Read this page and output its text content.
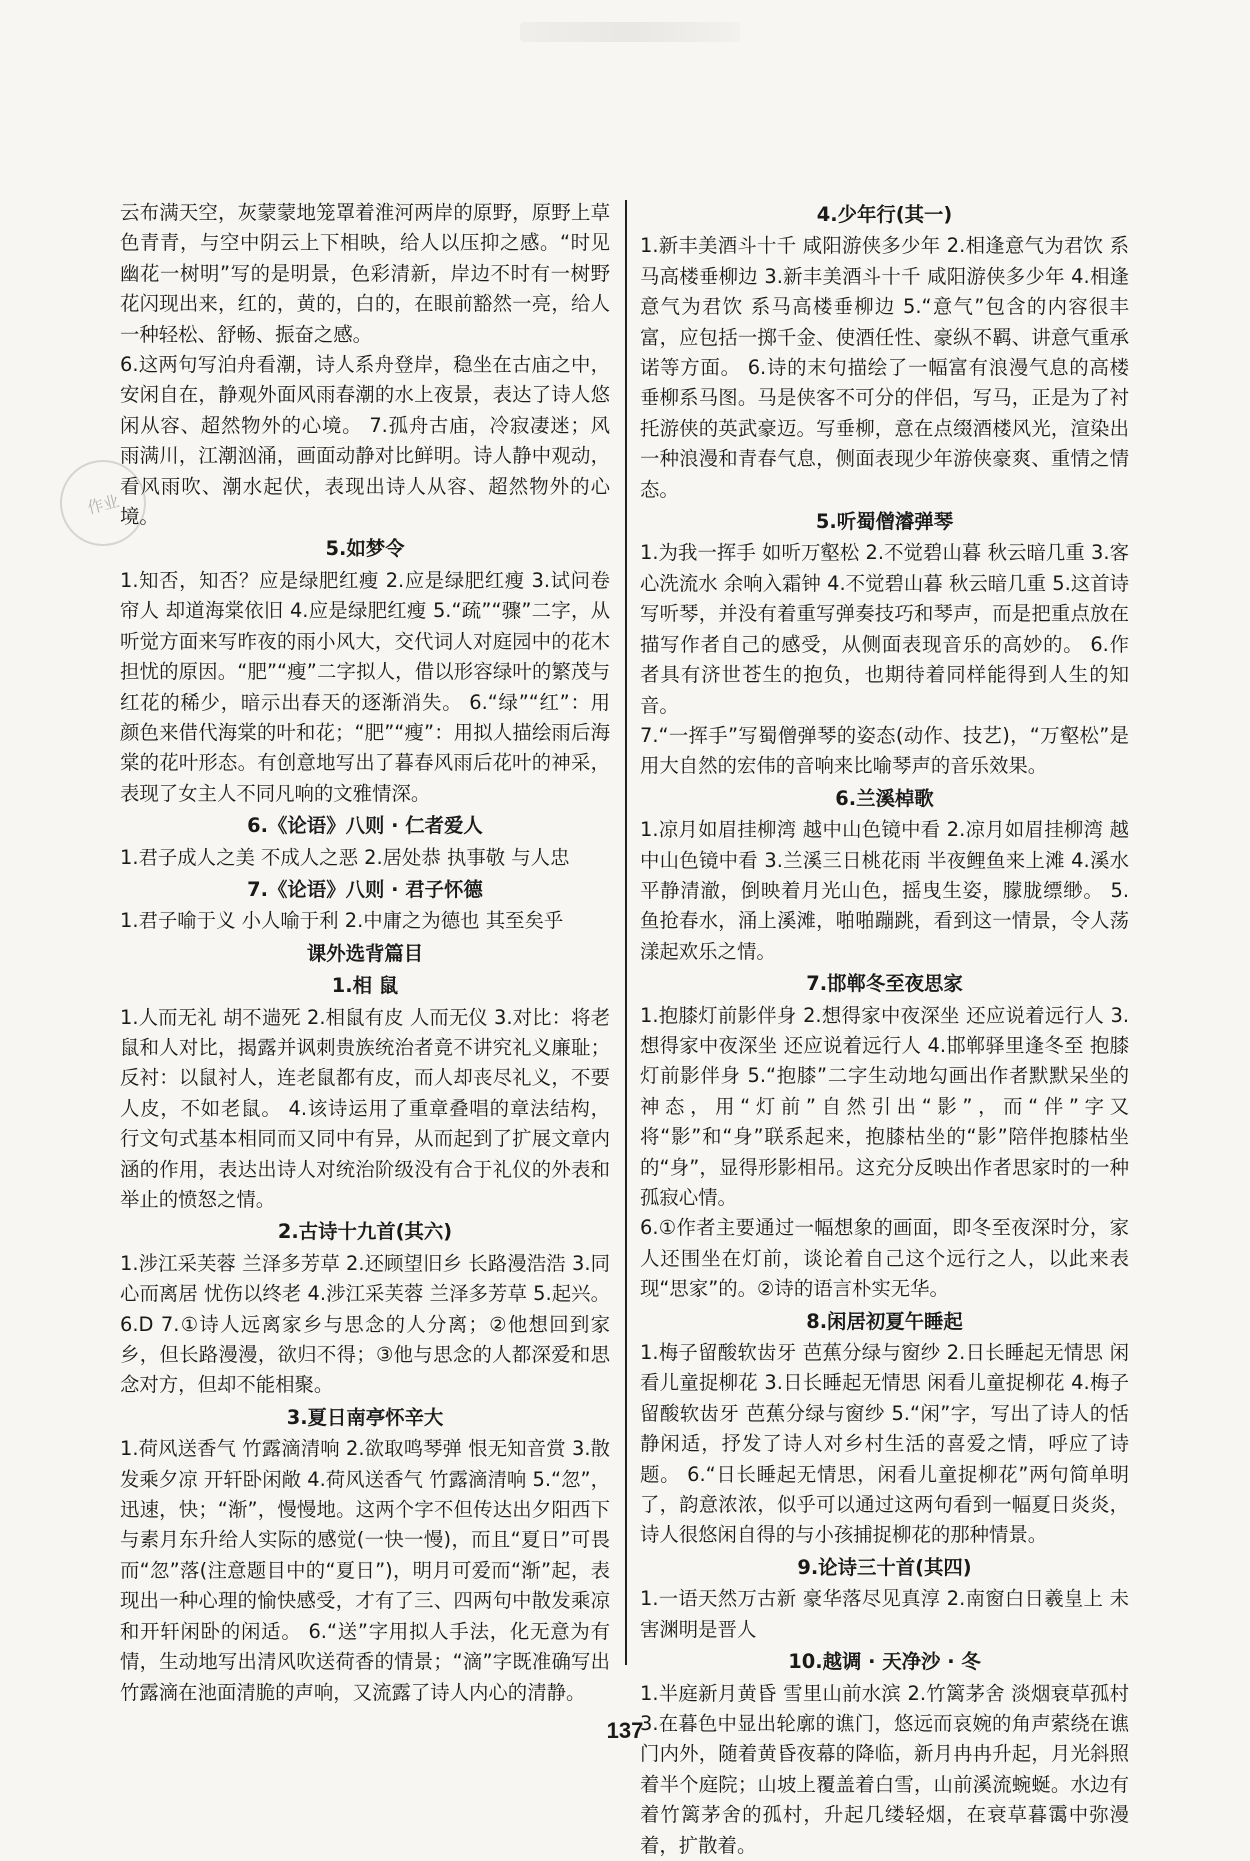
作业
云布满天空，灰蒙蒙地笼罩着淮河两岸的原野，原野上草色青青，与空中阴云上下相映，给人以压抑之感。“时见幽花一树明”写的是明景，色彩清新，岸边不时有一树野花闪现出来，红的，黄的，白的，在眼前豁然一亮，给人一种轻松、舒畅、振奋之感。
6.这两句写泊舟看潮，诗人系舟登岸，稳坐在古庙之中，安闲自在，静观外面风雨春潮的水上夜景，表达了诗人悠闲从容、超然物外的心境。 7.孤舟古庙，冷寂凄迷；风雨满川，江潮汹涌，画面动静对比鲜明。诗人静中观动，看风雨吹、潮水起伏，表现出诗人从容、超然物外的心境。
5.如梦令
1.知否，知否？应是绿肥红瘦 2.应是绿肥红瘦 3.试问卷帘人 却道海棠依旧 4.应是绿肥红瘦 5.“疏”“骤”二字，从听觉方面来写昨夜的雨小风大，交代词人对庭园中的花木担忧的原因。“肥”“瘦”二字拟人，借以形容绿叶的繁茂与红花的稀少，暗示出春天的逐渐消失。 6.“绿”“红”：用颜色来借代海棠的叶和花；“肥”“瘦”：用拟人描绘雨后海棠的花叶形态。有创意地写出了暮春风雨后花叶的神采，表现了女主人不同凡响的文雅情深。
6.《论语》八则 · 仁者爱人
1.君子成人之美 不成人之恶 2.居处恭 执事敬 与人忠
7.《论语》八则 · 君子怀德
1.君子喻于义 小人喻于利 2.中庸之为德也 其至矣乎
课外选背篇目
1.相 鼠
1.人而无礼 胡不遄死 2.相鼠有皮 人而无仪 3.对比：将老鼠和人对比，揭露并讽刺贵族统治者竟不讲究礼义廉耻；反衬：以鼠衬人，连老鼠都有皮，而人却丧尽礼义，不要人皮，不如老鼠。 4.该诗运用了重章叠唱的章法结构，行文句式基本相同而又同中有异，从而起到了扩展文章内涵的作用，表达出诗人对统治阶级没有合于礼仪的外表和举止的愤怒之情。
2.古诗十九首(其六)
1.涉江采芙蓉 兰泽多芳草 2.还顾望旧乡 长路漫浩浩 3.同心而离居 忧伤以终老 4.涉江采芙蓉 兰泽多芳草 5.起兴。 6.D 7.①诗人远离家乡与思念的人分离；②他想回到家乡，但长路漫漫，欲归不得；③他与思念的人都深爱和思念对方，但却不能相聚。
3.夏日南亭怀辛大
1.荷风送香气 竹露滴清响 2.欲取鸣琴弹 恨无知音赏 3.散发乘夕凉 开轩卧闲敞 4.荷风送香气 竹露滴清响 5.“忽”，迅速，快；“渐”，慢慢地。这两个字不但传达出夕阳西下与素月东升给人实际的感觉(一快一慢)，而且“夏日”可畏而“忽”落(注意题目中的“夏日”)，明月可爱而“渐”起，表现出一种心理的愉快感受，才有了三、四两句中散发乘凉和开轩闲卧的闲适。 6.“送”字用拟人手法，化无意为有情，生动地写出清风吹送荷香的情景；“滴”字既准确写出竹露滴在池面清脆的声响，又流露了诗人内心的清静。
4.少年行(其一)
1.新丰美酒斗十千 咸阳游侠多少年 2.相逢意气为君饮 系马高楼垂柳边 3.新丰美酒斗十千 咸阳游侠多少年 4.相逢意气为君饮 系马高楼垂柳边 5.“意气”包含的内容很丰富，应包括一掷千金、使酒任性、豪纵不羁、讲意气重承诺等方面。 6.诗的末句描绘了一幅富有浪漫气息的高楼垂柳系马图。马是侠客不可分的伴侣，写马，正是为了衬托游侠的英武豪迈。写垂柳，意在点缀酒楼风光，渲染出一种浪漫和青春气息，侧面表现少年游侠豪爽、重情之情态。
5.听蜀僧濬弹琴
1.为我一挥手 如听万壑松 2.不觉碧山暮 秋云暗几重 3.客心洗流水 余响入霜钟 4.不觉碧山暮 秋云暗几重 5.这首诗写听琴，并没有着重写弹奏技巧和琴声，而是把重点放在描写作者自己的感受，从侧面表现音乐的高妙的。 6.作者具有济世苍生的抱负，也期待着同样能得到人生的知音。
7.“一挥手”写蜀僧弹琴的姿态(动作、技艺)，“万壑松”是用大自然的宏伟的音响来比喻琴声的音乐效果。
6.兰溪棹歌
1.凉月如眉挂柳湾 越中山色镜中看 2.凉月如眉挂柳湾 越中山色镜中看 3.兰溪三日桃花雨 半夜鲤鱼来上滩 4.溪水平静清澈，倒映着月光山色，摇曳生姿，朦胧缥缈。 5.鱼抢春水，涌上溪滩，啪啪蹦跳，看到这一情景，令人荡漾起欢乐之情。
7.邯郸冬至夜思家
1.抱膝灯前影伴身 2.想得家中夜深坐 还应说着远行人 3.想得家中夜深坐 还应说着远行人 4.邯郸驿里逢冬至 抱膝灯前影伴身 5.“抱膝”二字生动地勾画出作者默默呆坐的神态，用“灯前”自然引出“影”，而“伴”字又将“影”和“身”联系起来，抱膝枯坐的“影”陪伴抱膝枯坐的“身”，显得形影相吊。这充分反映出作者思家时的一种孤寂心情。
6.①作者主要通过一幅想象的画面，即冬至夜深时分，家人还围坐在灯前，谈论着自己这个远行之人，以此来表现“思家”的。②诗的语言朴实无华。
8.闲居初夏午睡起
1.梅子留酸软齿牙 芭蕉分绿与窗纱 2.日长睡起无情思 闲看儿童捉柳花 3.日长睡起无情思 闲看儿童捉柳花 4.梅子留酸软齿牙 芭蕉分绿与窗纱 5.“闲”字，写出了诗人的恬静闲适，抒发了诗人对乡村生活的喜爱之情，呼应了诗题。 6.“日长睡起无情思，闲看儿童捉柳花”两句简单明了，韵意浓浓，似乎可以通过这两句看到一幅夏日炎炎，诗人很悠闲自得的与小孩捕捉柳花的那种情景。
9.论诗三十首(其四)
1.一语天然万古新 豪华落尽见真淳 2.南窗白日羲皇上 未害渊明是晋人
10.越调 · 天净沙 · 冬
1.半庭新月黄昏 雪里山前水滨 2.竹篱茅舍 淡烟衰草孤村 3.在暮色中显出轮廓的谯门，悠远而哀婉的角声萦绕在谯门内外，随着黄昏夜幕的降临，新月冉冉升起，月光斜照着半个庭院；山坡上覆盖着白雪，山前溪流蜿蜒。水边有着竹篱茅舍的孤村，升起几缕轻烟，在衰草暮霭中弥漫着，扩散着。
137
